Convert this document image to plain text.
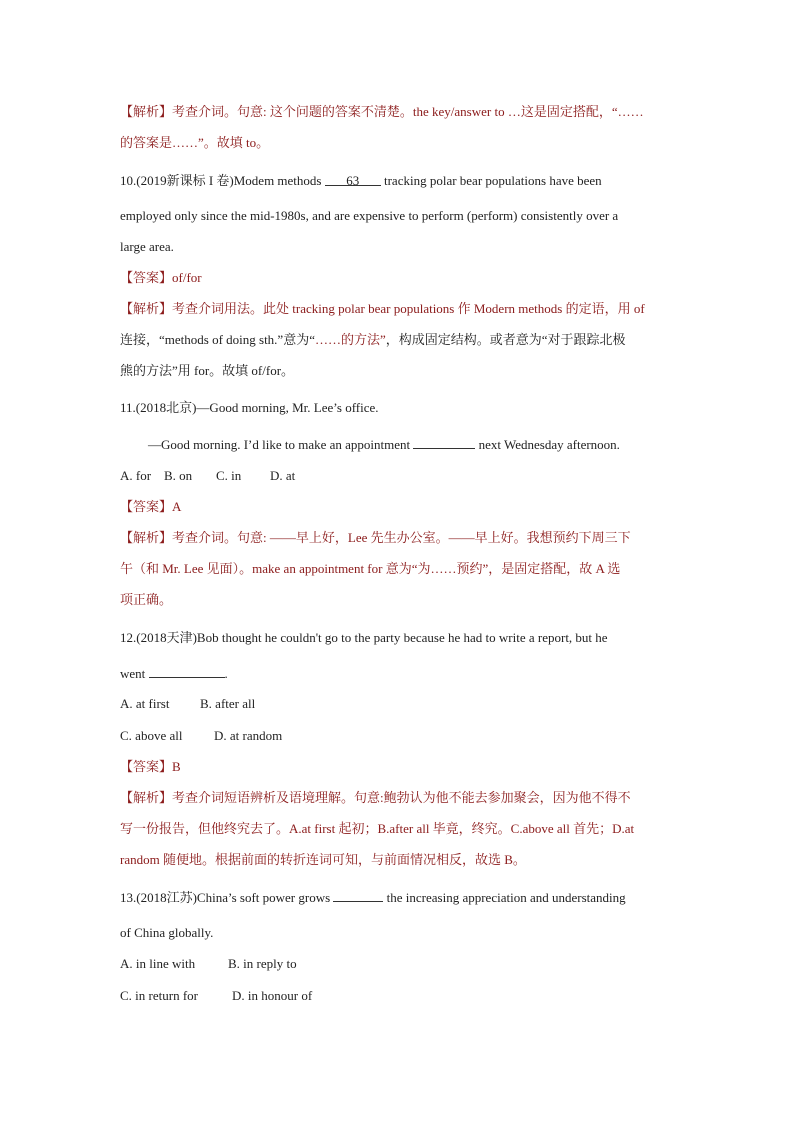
【解析】考查介词。句意: 这个问题的答案不清楚。the key/answer to …这是固定搭配，“……
的答案是……”。故填 to。
10.(2019新课标 I 卷)Modem methods 63 tracking polar bear populations have been
employed only since the mid-1980s, and are expensive to perform (perform) consistently over a
large area.
【答案】of/for
【解析】考查介词用法。此处 tracking polar bear populations 作 Modern methods 的定语，用 of
连接，“methods of doing sth.”意为“……的方法”，构成固定结构。或者意为“对于跟踪北极
熊的方法”用 for。故填 of/for。
11.(2018北京)—Good morning, Mr. Lee’s office.
—Good morning. I’d like to make an appointment	next Wednesday afternoon.
A. for B. on C. in D. at
【答案】A
【解析】考查介词。句意: ——早上好，Lee 先生办公室。——早上好。我想预约下周三下
午（和 Mr. Lee 见面）。make an appointment for 意为“为……预约”，是固定搭配，故 A 选
项正确。
12.(2018天津)Bob thought he couldn't go to the party because he had to write a report, but he
went	.
A. at first B. after all
C. above all D. at random
【答案】B
【解析】考查介词短语辨析及语境理解。句意:鲍勃认为他不能去参加聚会，因为他不得不
写一份报告，但他终究去了。A.at first 起初；B.after all 毕竟，终究。C.above all 首先；D.at
random 随便地。根据前面的转折连词可知，与前面情况相反，故选 B。
13.(2018江苏)China’s soft power grows	the increasing appreciation and understanding
of China globally.
A. in line with	B. in reply to
C. in return for	D. in honour of
